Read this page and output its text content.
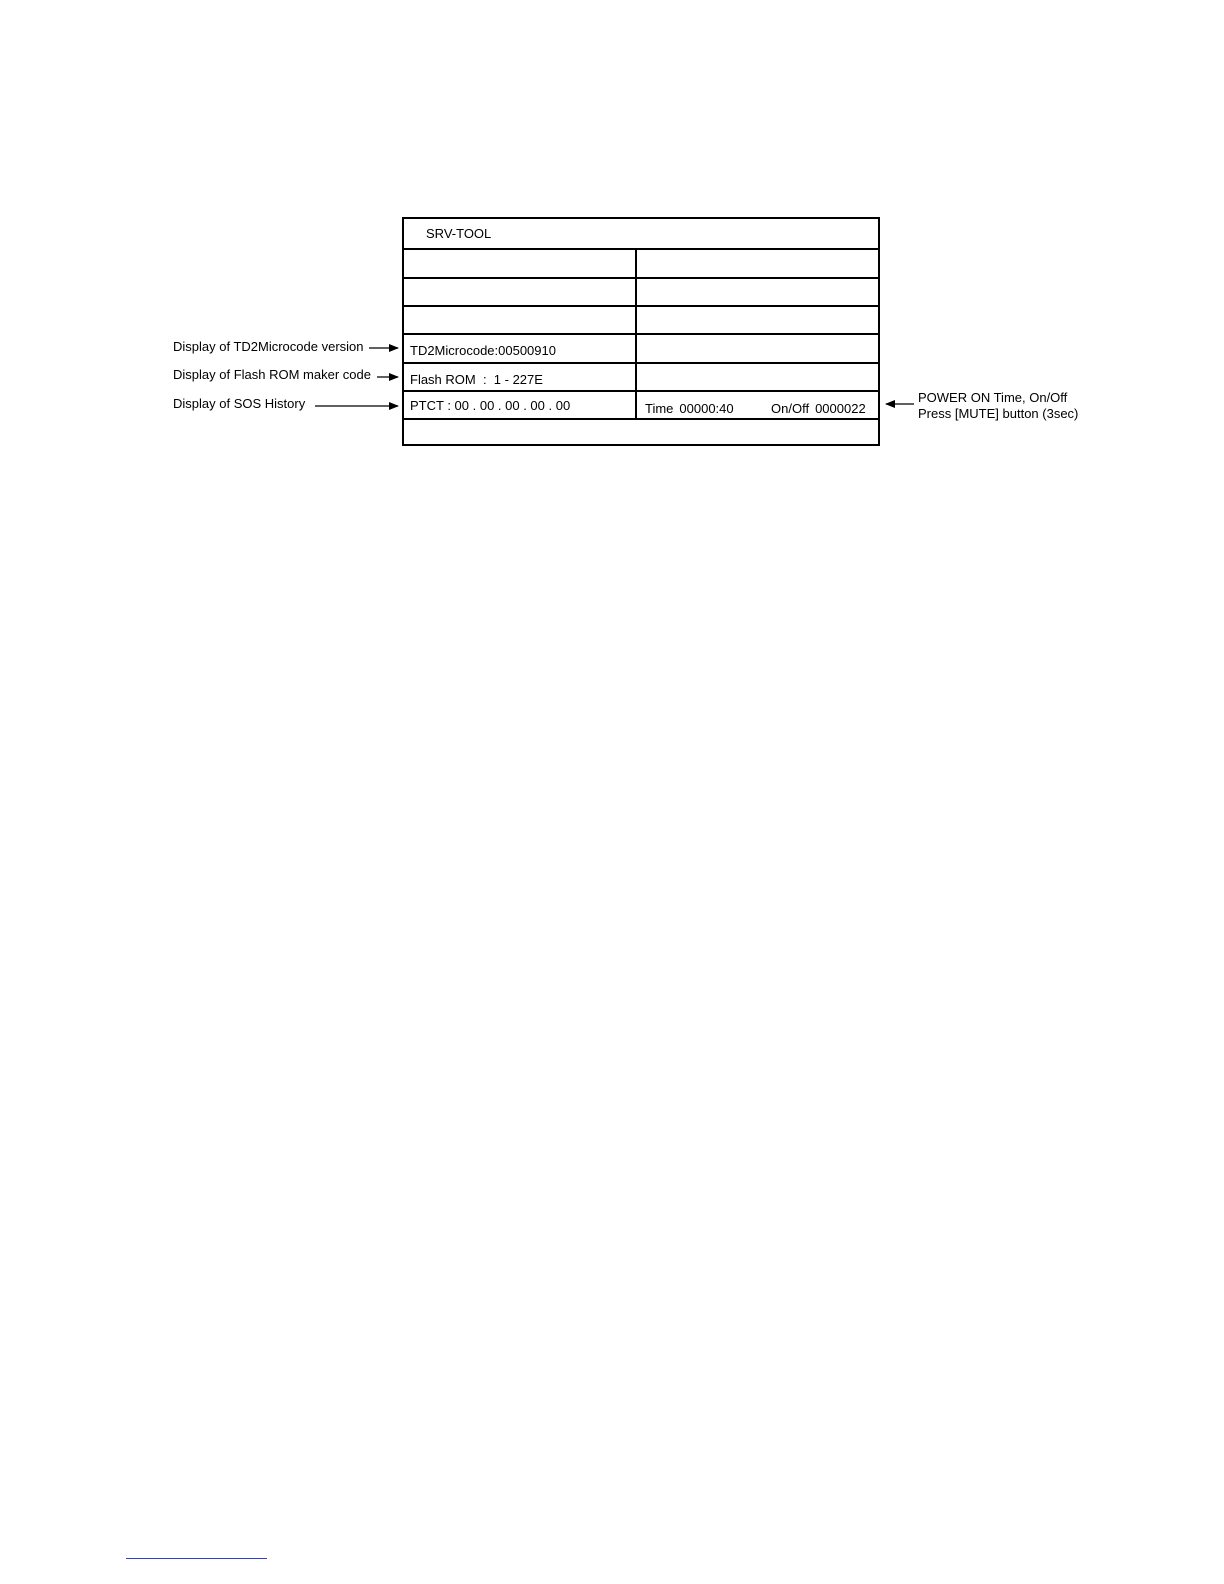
Display of TD2Microcode version
Display of Flash ROM maker code
Display of SOS History	POWER ON Time, On/Off
Press [MUTE] button (3sec)
SRV-TOOL
TD2Microcode:00500910
Flash ROM  :  1 - 227E
PTCT : 00 . 00 . 00 . 00 . 00	Time 00000:40	On/Off 0000022
